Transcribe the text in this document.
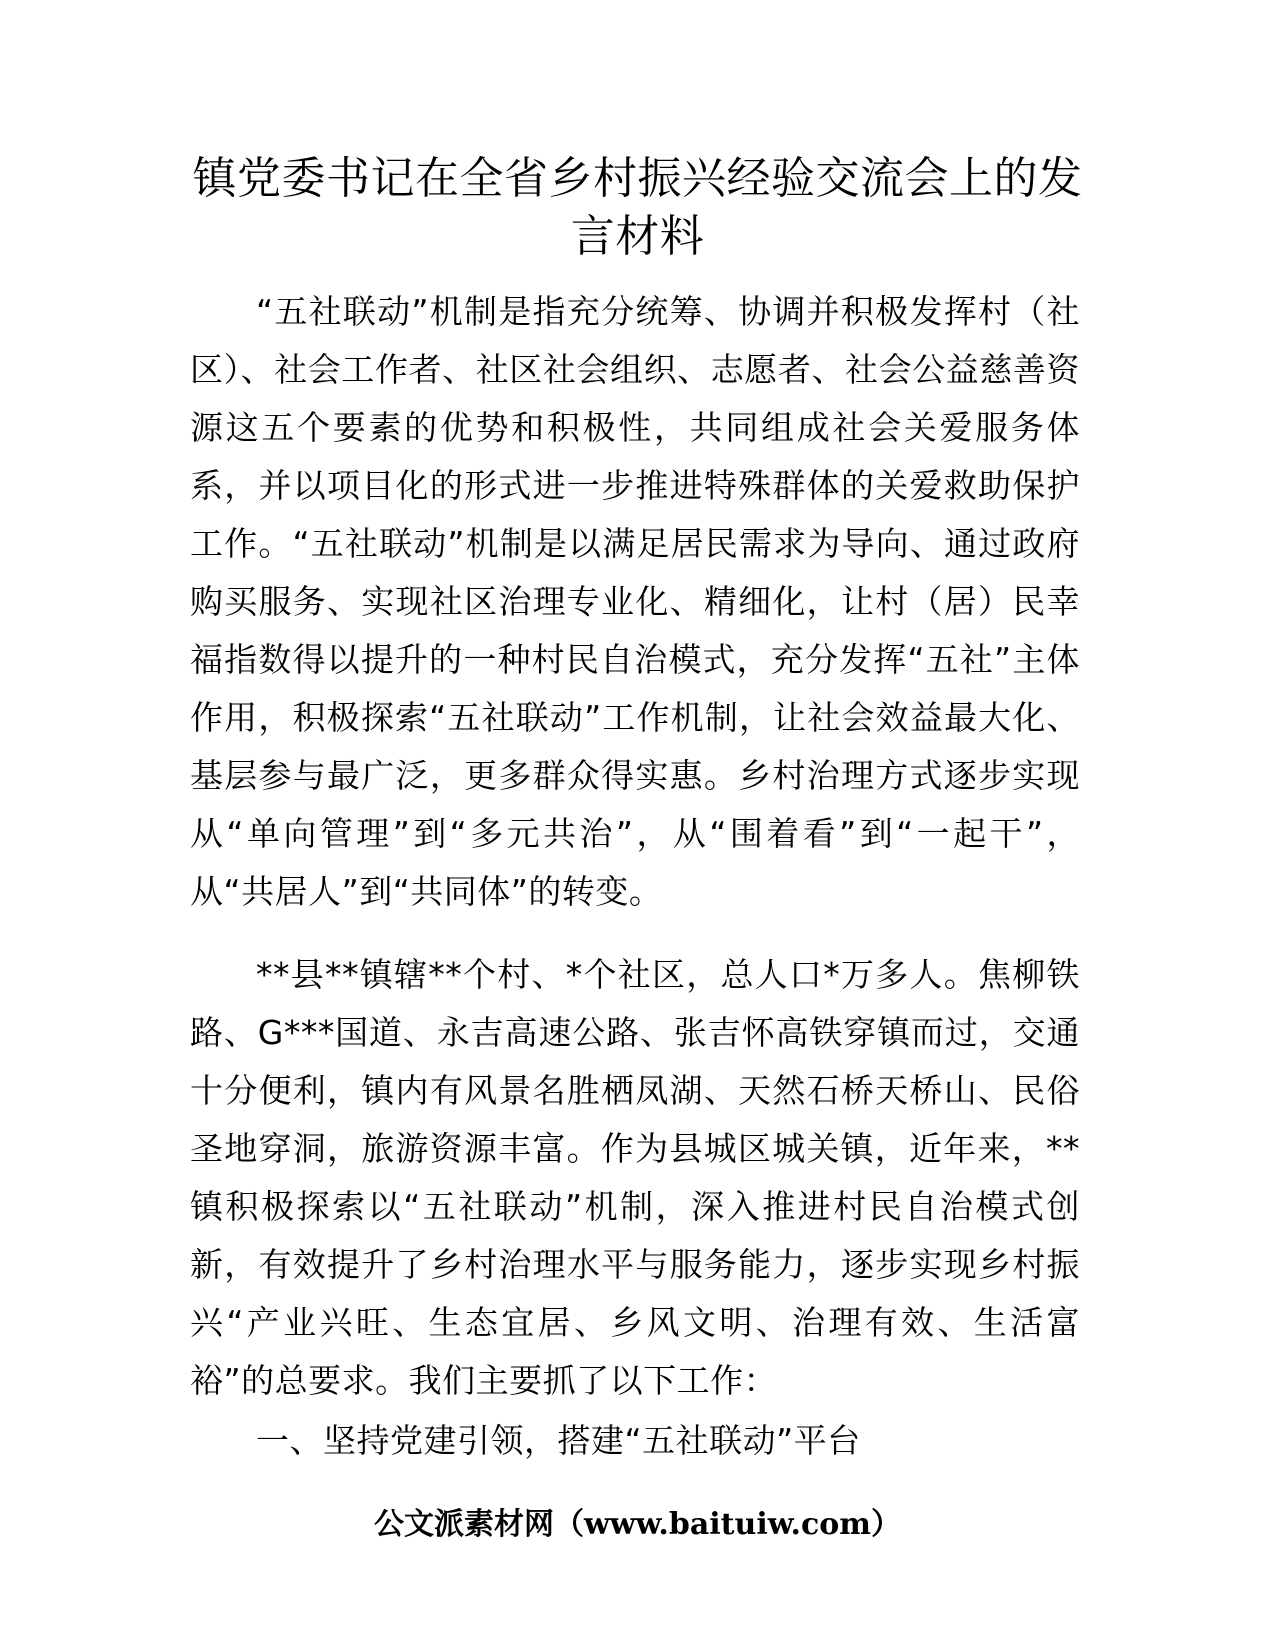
镇党委书记在全省乡村振兴经验交流会上的发言材料

“五社联动”机制是指充分统筹、协调并积极发挥村（社区）、社会工作者、社区社会组织、志愿者、社会公益慈善资源这五个要素的优势和积极性，共同组成社会关爱服务体系，并以项目化的形式进一步推进特殊群体的关爱救助保护工作。“五社联动”机制是以满足居民需求为导向、通过政府购买服务、实现社区治理专业化、精细化，让村（居）民幸福指数得以提升的一种村民自治模式，充分发挥“五社”主体作用，积极探索“五社联动”工作机制，让社会效益最大化、基层参与最广泛，更多群众得实惠。乡村治理方式逐步实现从“单向管理”到“多元共治”，从“围着看”到“一起干”，从“共居人”到“共同体”的转变。

**县**镇辖**个村、*个社区，总人口*万多人。焦柳铁路、G***国道、永吉高速公路、张吉怀高铁穿镇而过，交通十分便利，镇内有风景名胜栖凤湖、天然石桥天桥山、民俗圣地穿洞，旅游资源丰富。作为县城区城关镇，近年来，**镇积极探索以“五社联动”机制，深入推进村民自治模式创新，有效提升了乡村治理水平与服务能力，逐步实现乡村振兴“产业兴旺、生态宜居、乡风文明、治理有效、生活富裕”的总要求。我们主要抓了以下工作：

一、坚持党建引领，搭建“五社联动”平台

公文派素材网（www.baituiw.com）
